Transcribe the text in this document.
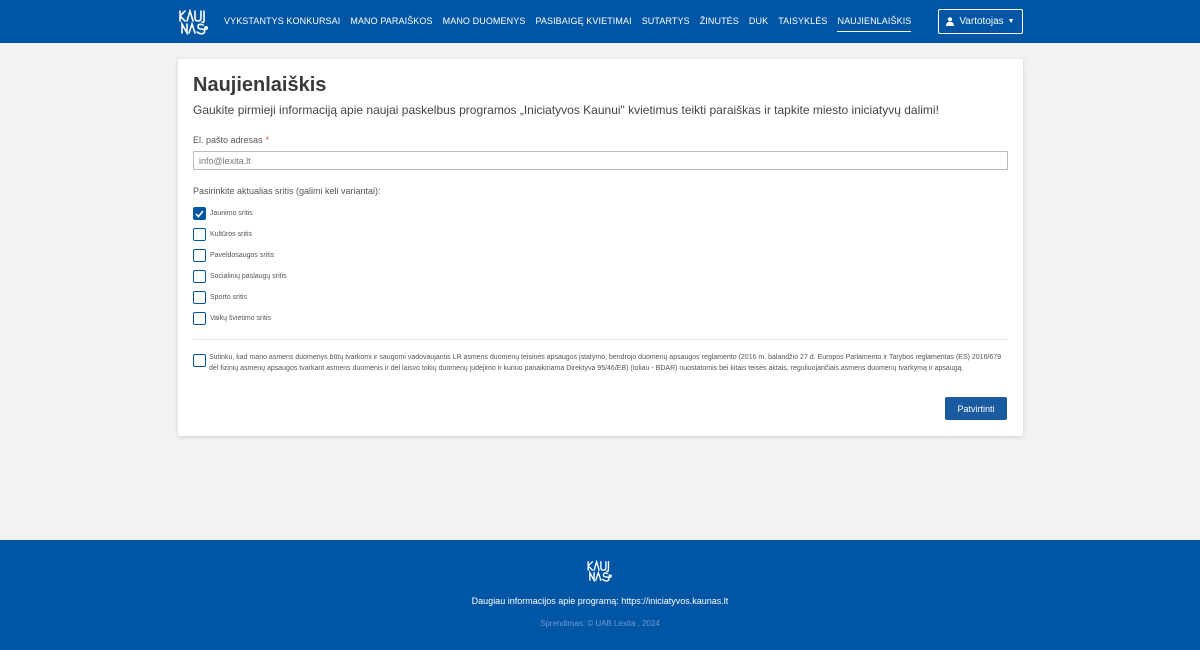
VYKSTANTYS KONKURSAI MANO PARAIŠKOS MANO DUOMENYS PASIBAIGĘ KVIETIMAI SUTARTYS ŽINUTĖS DUK TAISYKLĖS NAUJIENLAIŠKIS	Vartotojas ▼
Naujienlaiškis
Gaukite pirmieji informaciją apie naujai paskelbus programos „Iniciatyvos Kaunui" kvietimus teikti paraiškas ir tapkite miesto iniciatyvų dalimi!
El. pašto adresas *
info@lexita.lt
Pasirinkite aktualias sritis (galimi keli variantai):
Jaunimo sritis
Kultūros sritis
Paveldosaugos sritis
Socialinių paslaugų sritis
Sporto sritis
Vaikų švietimo sritis
Sutinku, kad mano asmens duomenys būtų tvarkomi ir saugomi vadovaujantis LR asmens duomenų teisinės apsaugos įstatymo, bendrojo duomenų apsaugos reglamento (2016 m. balandžio 27 d. Europos Parlamento ir Tarybos reglamentas (ES) 2016/679 dėl fizinių asmenų apsaugos tvarkant asmens duomenis ir dėl laisvo tokių duomenų judėjimo ir kuriuo panaikinama Direktyva 95/46/EB) (toliau - BDAR) nuostatomis bei kitais teisės aktais, reguliuojančiais asmens duomenų tvarkymą ir apsaugą.
Patvirtinti
Daugiau informacijos apie programą: https://iniciatyvos.kaunas.lt
Sprendimas: © UAB Lexita , 2024
